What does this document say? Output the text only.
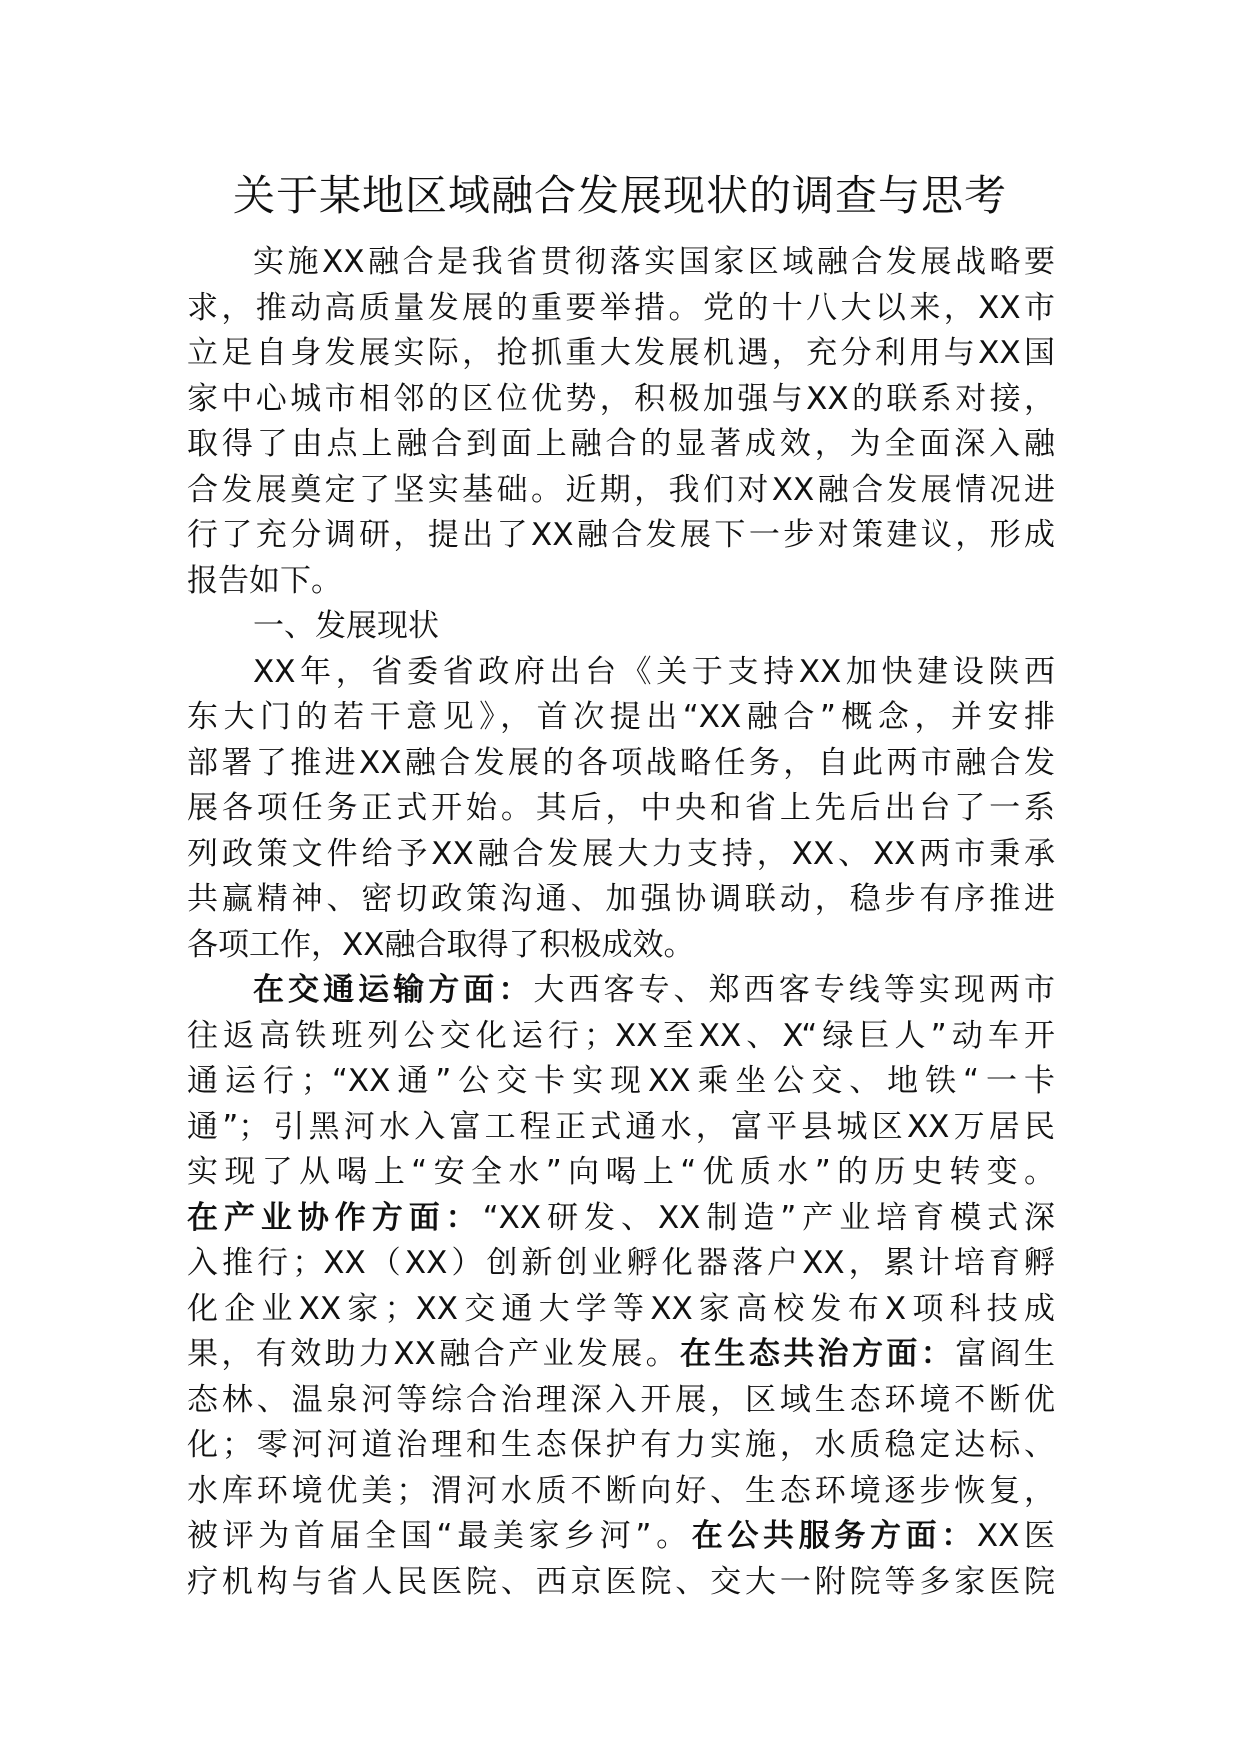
关于某地区域融合发展现状的调查与思考
实施XX融合是我省贯彻落实国家区域融合发展战略要
求，推动高质量发展的重要举措。党的十八大以来，XX市
立足自身发展实际，抢抓重大发展机遇，充分利用与XX国
家中心城市相邻的区位优势，积极加强与XX的联系对接，
取得了由点上融合到面上融合的显著成效，为全面深入融
合发展奠定了坚实基础。近期，我们对XX融合发展情况进
行了充分调研，提出了XX融合发展下一步对策建议，形成
报告如下。
一、发展现状
XX年，省委省政府出台《关于支持XX加快建设陕西
东大门的若干意见》，首次提出“XX融合”概念，并安排
部署了推进XX融合发展的各项战略任务，自此两市融合发
展各项任务正式开始。其后，中央和省上先后出台了一系
列政策文件给予XX融合发展大力支持，XX、XX两市秉承
共赢精神、密切政策沟通、加强协调联动，稳步有序推进
各项工作，XX融合取得了积极成效。
在交通运输方面：大西客专、郑西客专线等实现两市
往返高铁班列公交化运行；XX至XX、X“绿巨人”动车开
通运行；“XX通”公交卡实现XX乘坐公交、地铁“一卡
通”；引黑河水入富工程正式通水，富平县城区XX万居民
实现了从喝上“安全水”向喝上“优质水”的历史转变。
在产业协作方面：“XX研发、XX制造”产业培育模式深
入推行；XX（XX）创新创业孵化器落户XX，累计培育孵
化企业XX家；XX交通大学等XX家高校发布X项科技成
果，有效助力XX融合产业发展。在生态共治方面：富阎生
态林、温泉河等综合治理深入开展，区域生态环境不断优
化；零河河道治理和生态保护有力实施，水质稳定达标、
水库环境优美；渭河水质不断向好、生态环境逐步恢复，
被评为首届全国“最美家乡河”。在公共服务方面：XX医
疗机构与省人民医院、西京医院、交大一附院等多家医院
